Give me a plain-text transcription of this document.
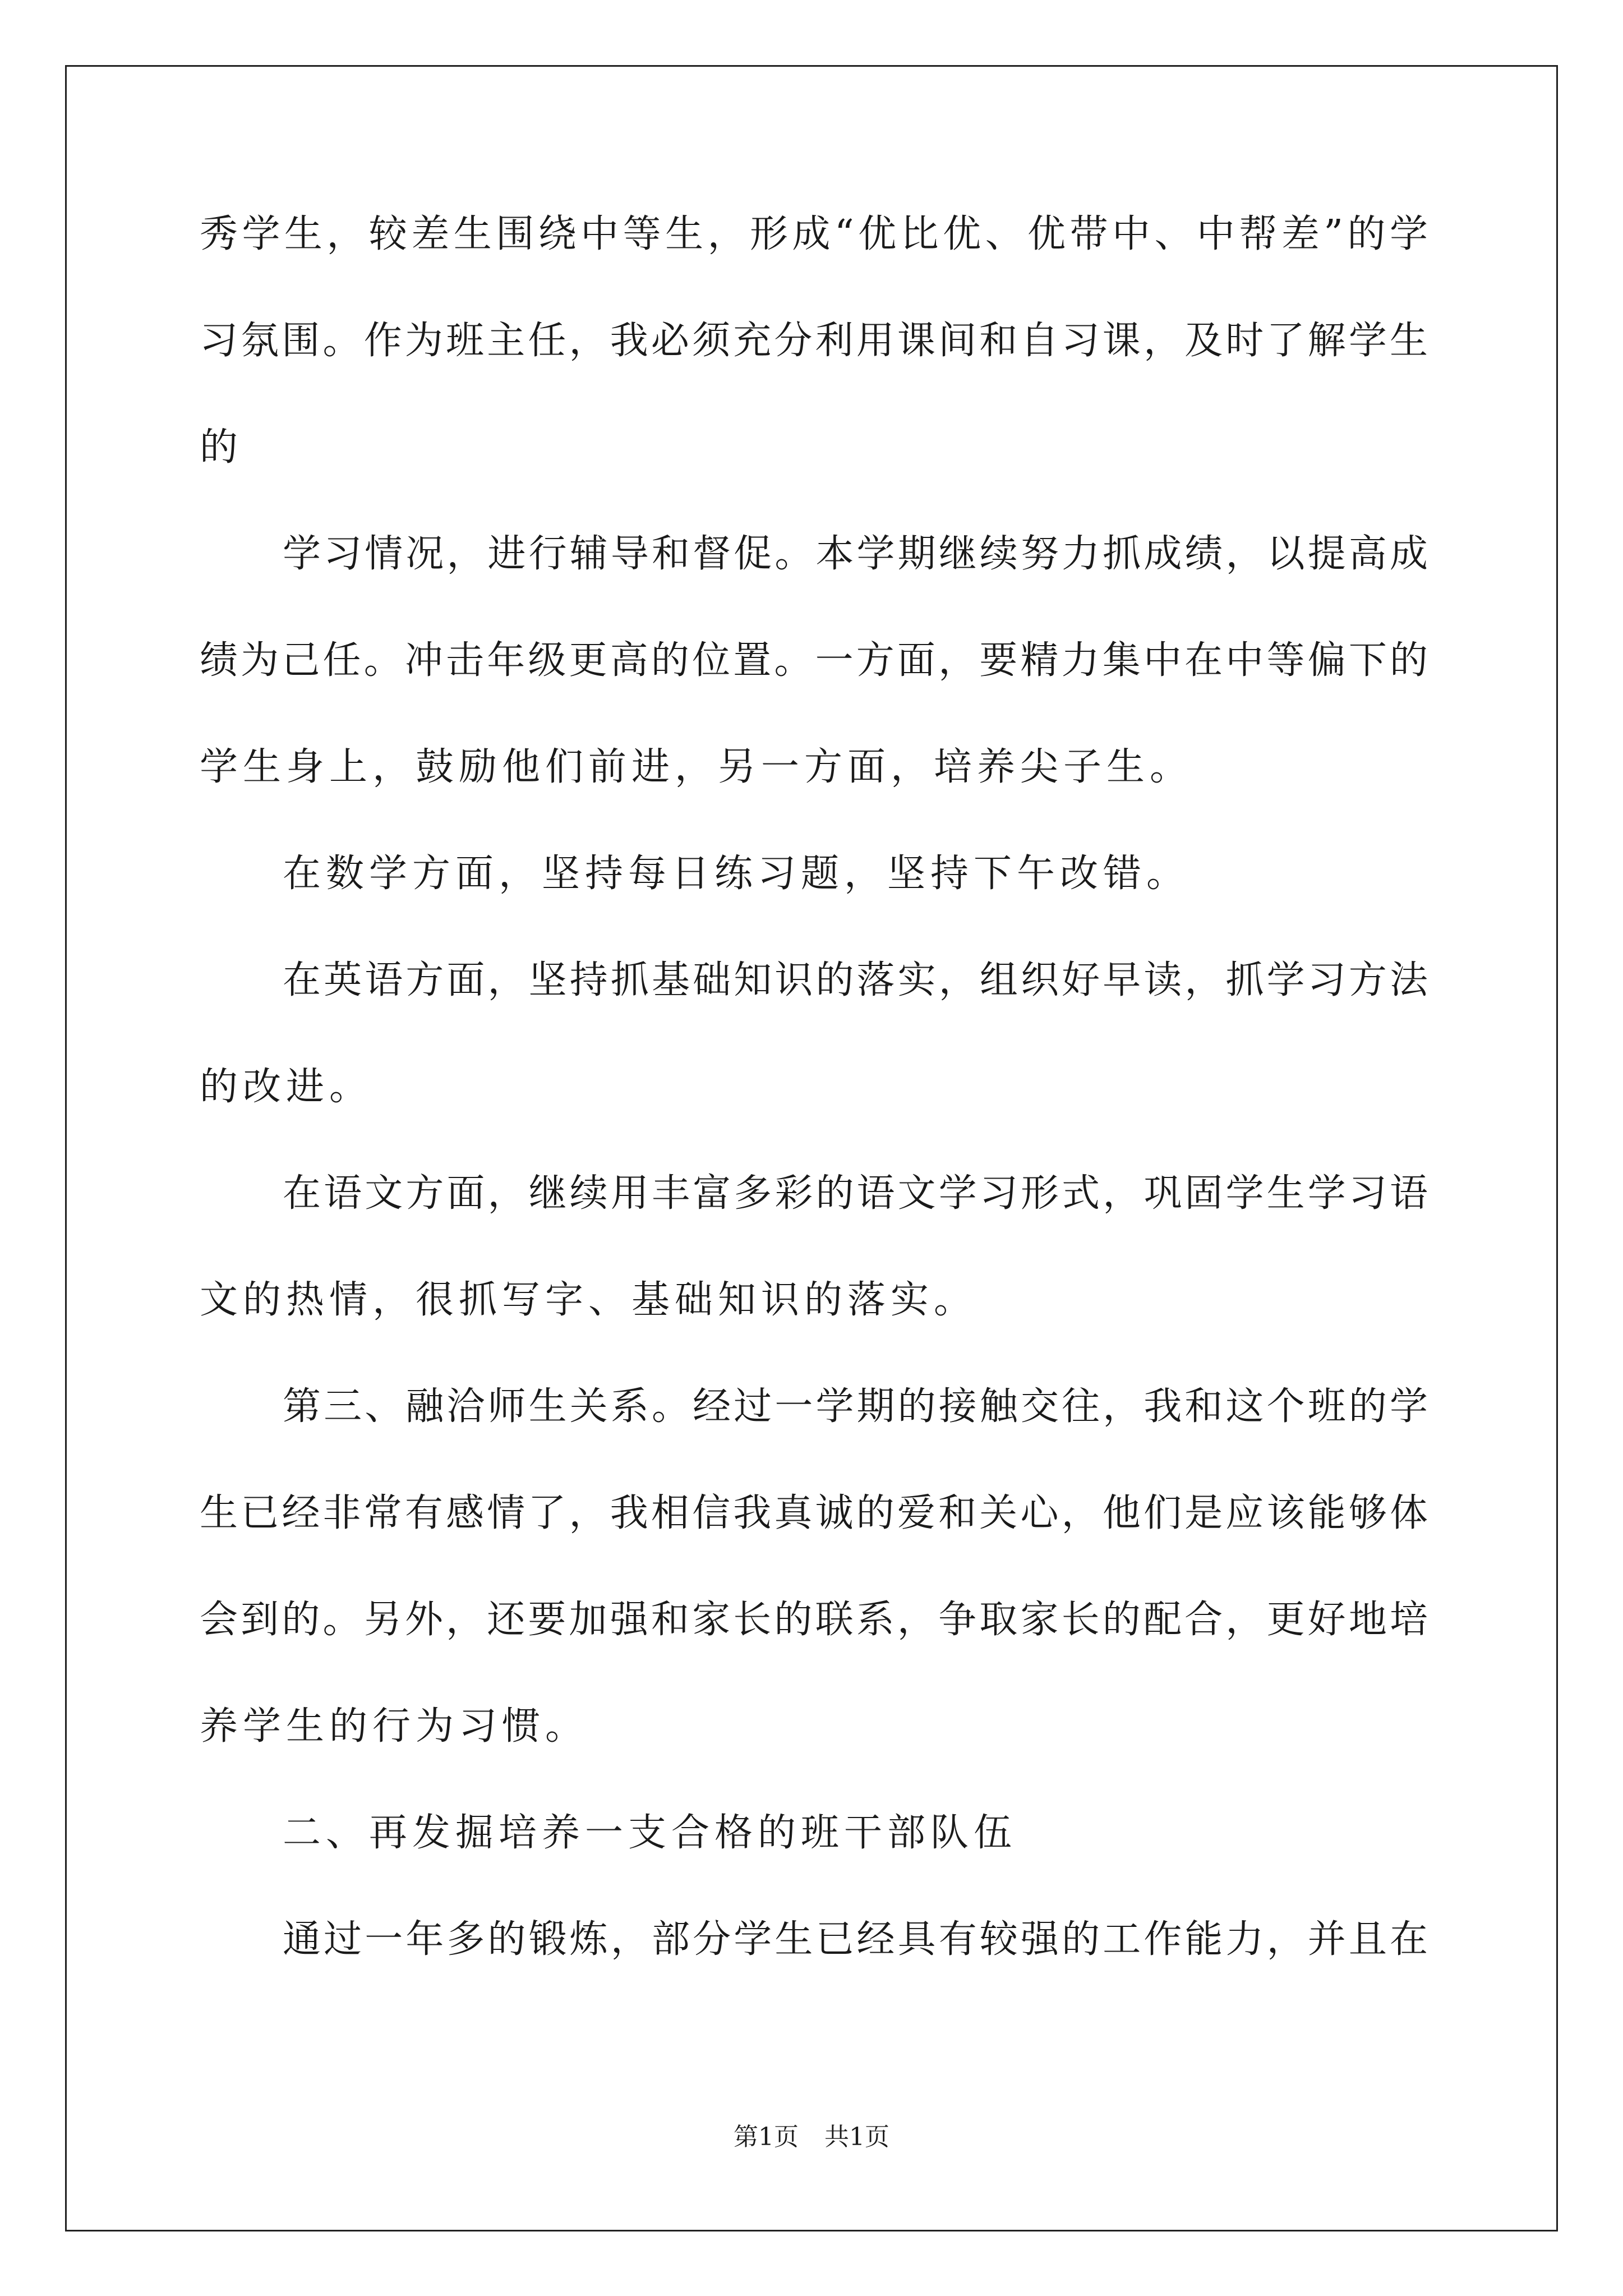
秀学生，较差生围绕中等生，形成“优比优、优带中、中帮差”的学
习氛围。作为班主任，我必须充分利用课间和自习课，及时了解学生
的
学习情况，进行辅导和督促。本学期继续努力抓成绩，以提高成
绩为己任。冲击年级更高的位置。一方面，要精力集中在中等偏下的
学生身上，鼓励他们前进，另一方面，培养尖子生。
在数学方面，坚持每日练习题，坚持下午改错。
在英语方面，坚持抓基础知识的落实，组织好早读，抓学习方法
的改进。
在语文方面，继续用丰富多彩的语文学习形式，巩固学生学习语
文的热情，很抓写字、基础知识的落实。
第三、融洽师生关系。经过一学期的接触交往，我和这个班的学
生已经非常有感情了，我相信我真诚的爱和关心，他们是应该能够体
会到的。另外，还要加强和家长的联系，争取家长的配合，更好地培
养学生的行为习惯。
二、再发掘培养一支合格的班干部队伍
通过一年多的锻炼，部分学生已经具有较强的工作能力，并且在
第1页 共1页
